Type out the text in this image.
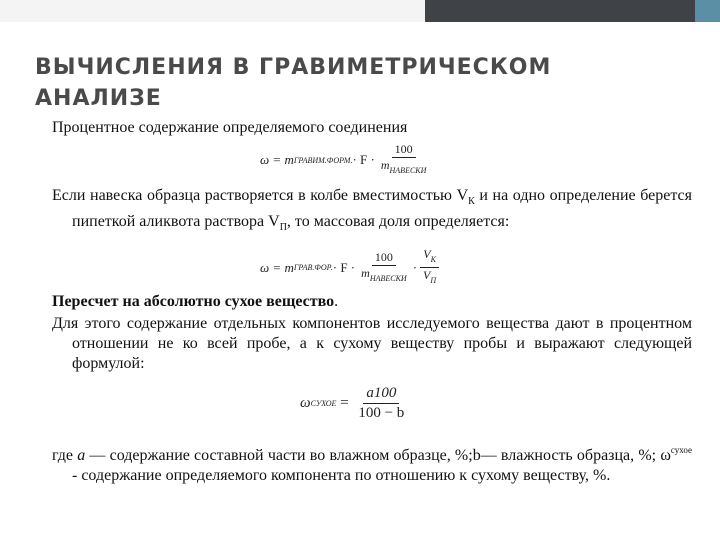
ВЫЧИСЛЕНИЯ В ГРАВИМЕТРИЧЕСКОМ
АНАЛИЗЕ

Процентное содержание определяемого соединения

ω = m ГРАВИМ.ФОРМ. · $F \cdot \frac{100}{m_{НАВЕСКИ}}$

Если навеска образца растворяется в колбе вместимостью $V_К$ и на одно определение берется пипеткой аликвота раствора $V_П$, то массовая доля определяется:

ω = m ГРАВ.ФОР. · $F \cdot \frac{100}{m_{НАВЕСКИ}} \cdot \frac{V_К}{V_П}$

Пересчет на абсолютно сухое вещество.

Для этого содержание отдельных компонентов исследуемого вещества дают в процентном отношении не ко всей пробе, а к сухому веществу пробы и выражают следующей формулой:

ω СУХОЕ = $\frac{a100}{100 - b}$

где a — содержание составной части во влажном образце, %;b— влажность образца, %; $\omega^{сухое}$ - содержание определяемого компонента по отношению к сухому веществу, %.
